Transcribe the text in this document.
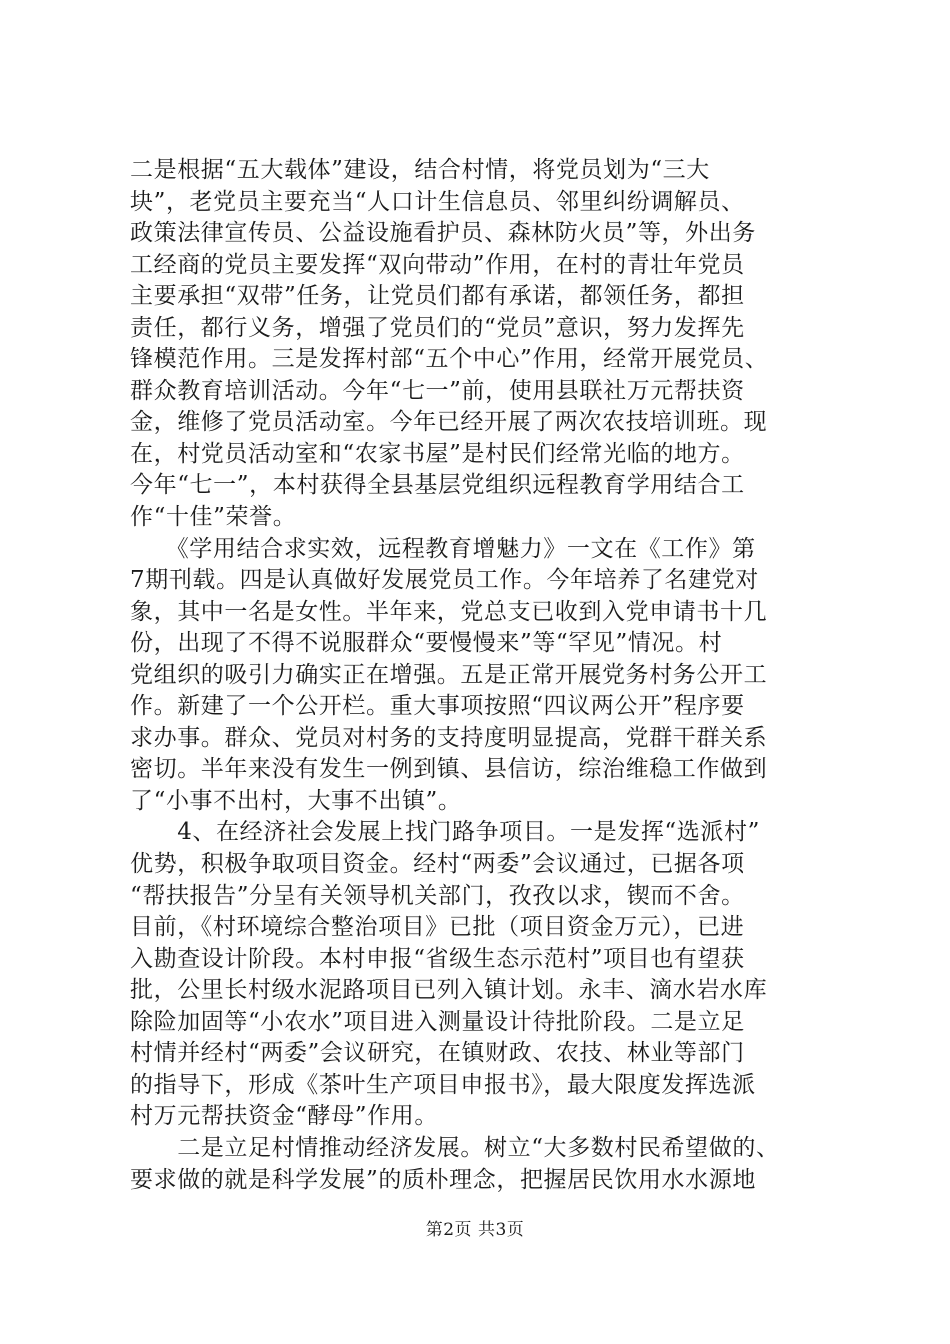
二是根据“五大载体”建设，结合村情，将党员划为“三大
块”，老党员主要充当“人口计生信息员、邻里纠纷调解员、
政策法律宣传员、公益设施看护员、森林防火员”等，外出务
工经商的党员主要发挥“双向带动”作用，在村的青壮年党员
主要承担“双带”任务，让党员们都有承诺，都领任务，都担
责任，都行义务，增强了党员们的“党员”意识，努力发挥先
锋模范作用。三是发挥村部“五个中心”作用，经常开展党员、
群众教育培训活动。今年“七一”前，使用县联社万元帮扶资
金，维修了党员活动室。今年已经开展了两次农技培训班。现
在，村党员活动室和“农家书屋”是村民们经常光临的地方。
今年“七一”，本村获得全县基层党组织远程教育学用结合工
作“十佳”荣誉。
　　《学用结合求实效，远程教育增魅力》一文在《工作》第
7期刊载。四是认真做好发展党员工作。今年培养了名建党对
象，其中一名是女性。半年来，党总支已收到入党申请书十几
份，出现了不得不说服群众“要慢慢来”等“罕见”情况。村
党组织的吸引力确实正在增强。五是正常开展党务村务公开工
作。新建了一个公开栏。重大事项按照“四议两公开”程序要
求办事。群众、党员对村务的支持度明显提高，党群干群关系
密切。半年来没有发生一例到镇、县信访，综治维稳工作做到
了“小事不出村，大事不出镇”。
　　4、在经济社会发展上找门路争项目。一是发挥“选派村”
优势，积极争取项目资金。经村“两委”会议通过，已据各项
“帮扶报告”分呈有关领导机关部门，孜孜以求，锲而不舍。
目前，《村环境综合整治项目》已批（项目资金万元），已进
入勘查设计阶段。本村申报“省级生态示范村”项目也有望获
批，公里长村级水泥路项目已列入镇计划。永丰、滴水岩水库
除险加固等“小农水”项目进入测量设计待批阶段。二是立足
村情并经村“两委”会议研究，在镇财政、农技、林业等部门
的指导下，形成《茶叶生产项目申报书》，最大限度发挥选派
村万元帮扶资金“酵母”作用。
　　二是立足村情推动经济发展。树立“大多数村民希望做的、
要求做的就是科学发展”的质朴理念，把握居民饮用水水源地
第2页 共3页
